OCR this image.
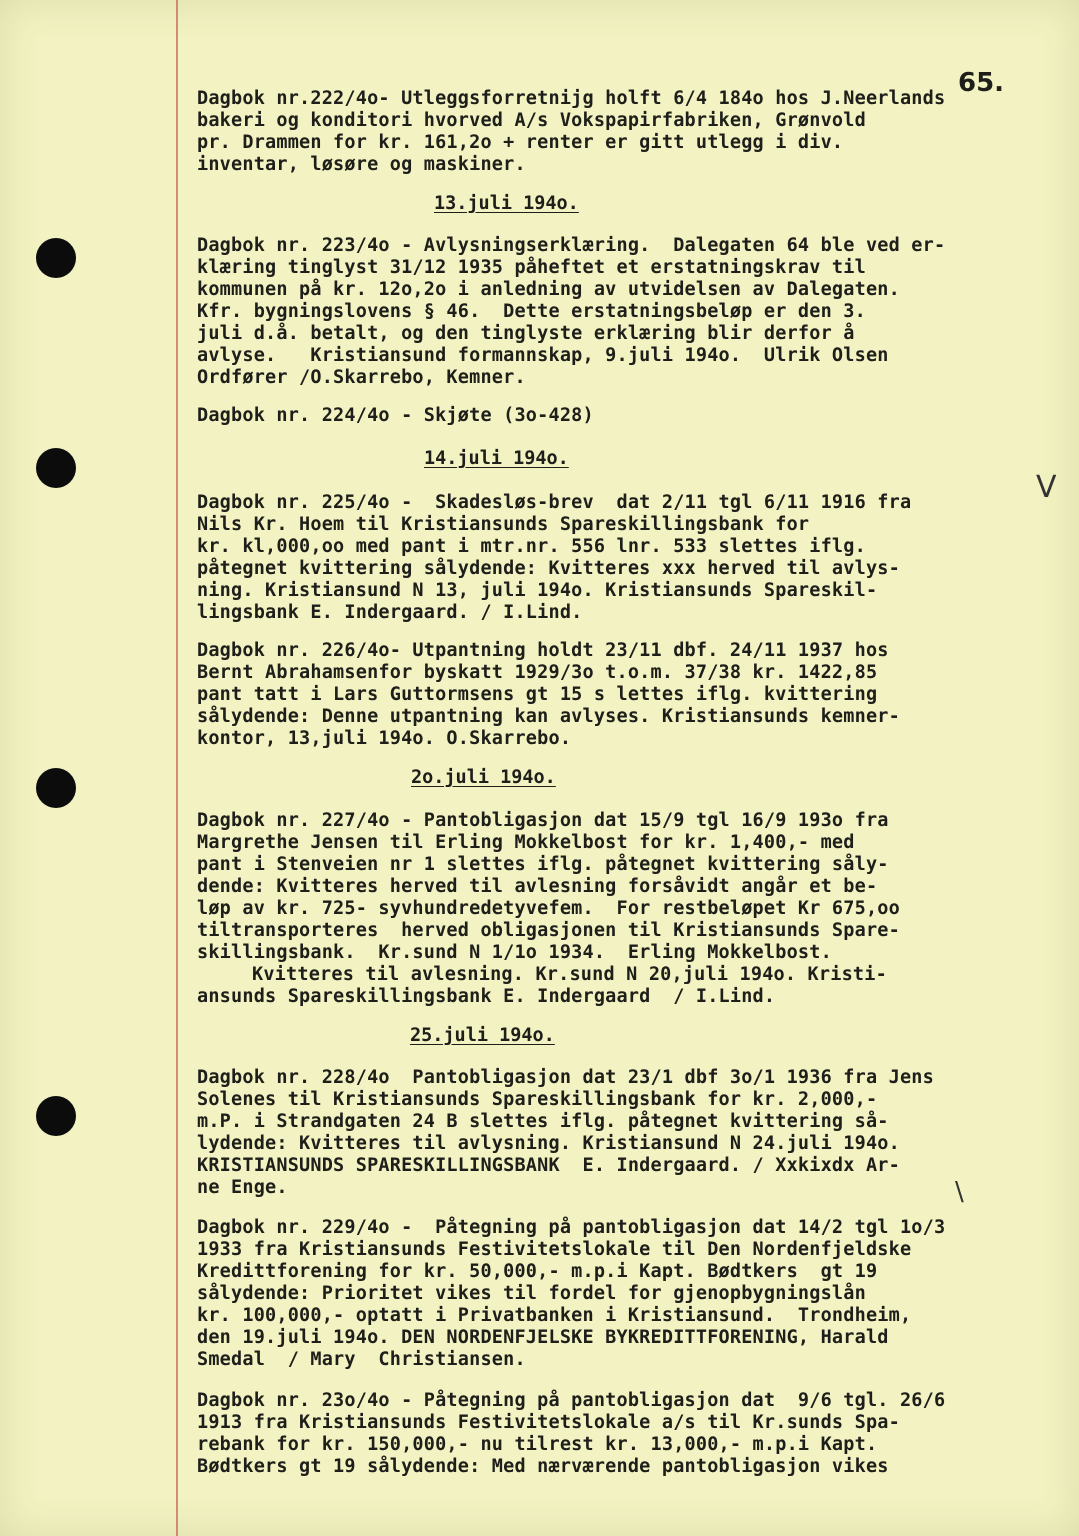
65.
V
\
Dagbok nr.222/4o- Utleggsforretnijg holft 6/4 184o hos J.Neerlands
bakeri og konditori hvorved A/s Vokspapirfabriken, Grønvold
pr. Drammen for kr. 161,2o + renter er gitt utlegg i div.
inventar, løsøre og maskiner.
13.juli 194o.
Dagbok nr. 223/4o - Avlysningserklæring.  Dalegaten 64 ble ved er-
klæring tinglyst 31/12 1935 påheftet et erstatningskrav til
kommunen på kr. 12o,2o i anledning av utvidelsen av Dalegaten.
Kfr. bygningslovens § 46.  Dette erstatningsbeløp er den 3.
juli d.å. betalt, og den tinglyste erklæring blir derfor å
avlyse.   Kristiansund formannskap, 9.juli 194o.  Ulrik Olsen
Ordfører /O.Skarrebo, Kemner.
Dagbok nr. 224/4o - Skjøte (3o-428)
14.juli 194o.
Dagbok nr. 225/4o -  Skadesløs-brev  dat 2/11 tgl 6/11 1916 fra
Nils Kr. Hoem til Kristiansunds Spareskillingsbank for
kr. kl,000,oo med pant i mtr.nr. 556 lnr. 533 slettes iflg.
påtegnet kvittering sålydende: Kvitteres xxx herved til avlys-
ning. Kristiansund N 13, juli 194o. Kristiansunds Spareskil-
lingsbank E. Indergaard. / I.Lind.
Dagbok nr. 226/4o- Utpantning holdt 23/11 dbf. 24/11 1937 hos
Bernt Abrahamsenfor byskatt 1929/3o t.o.m. 37/38 kr. 1422,85
pant tatt i Lars Guttormsens gt 15 s lettes iflg. kvittering
sålydende: Denne utpantning kan avlyses. Kristiansunds kemner-
kontor, 13,juli 194o. O.Skarrebo.
2o.juli 194o.
Dagbok nr. 227/4o - Pantobligasjon dat 15/9 tgl 16/9 193o fra
Margrethe Jensen til Erling Mokkelbost for kr. 1,400,- med
pant i Stenveien nr 1 slettes iflg. påtegnet kvittering sålу-
dende: Kvitteres herved til avlesning forsåvidt angår et be-
løp av kr. 725- syvhundredetyvefem.  For restbeløpet Kr 675,oo
tiltransporteres  herved obligasjonen til Kristiansunds Spare-
skillingsbank.  Kr.sund N 1/1o 1934.  Erling Mokkelbost.
Kvitteres til avlesning. Kr.sund N 20,juli 194o. Kristi-
ansunds Spareskillingsbank E. Indergaard  / I.Lind.
25.juli 194o.
Dagbok nr. 228/4o  Pantobligasjon dat 23/1 dbf 3o/1 1936 fra Jens
Solenes til Kristiansunds Spareskillingsbank for kr. 2,000,-
m.P. i Strandgaten 24 B slettes iflg. påtegnet kvittering så-
lydende: Kvitteres til avlysning. Kristiansund N 24.juli 194o.
KRISTIANSUNDS SPARESKILLINGSBANK  E. Indergaard. / Xxkixdx Ar-
ne Enge.
Dagbok nr. 229/4o -  Påtegning på pantobligasjon dat 14/2 tgl 1o/3
1933 fra Kristiansunds Festivitetslokale til Den Nordenfjeldske
Kredittforening for kr. 50,000,- m.p.i Kapt. Bødtkers  gt 19
sålydende: Prioritet vikes til fordel for gjenopbygningslån
kr. 100,000,- optatt i Privatbanken i Kristiansund.  Trondheim,
den 19.juli 194o. DEN NORDENFJELSKE BYKREDITTFORENING, Harald
Smedal  / Mary  Christiansen.
Dagbok nr. 23o/4o - Påtegning på pantobligasjon dat  9/6 tgl. 26/6
1913 fra Kristiansunds Festivitetslokale a/s til Kr.sunds Spa-
rebank for kr. 150,000,- nu tilrest kr. 13,000,- m.p.i Kapt.
Bødtkers gt 19 sålydende: Med nærværende pantobligasjon vikes
